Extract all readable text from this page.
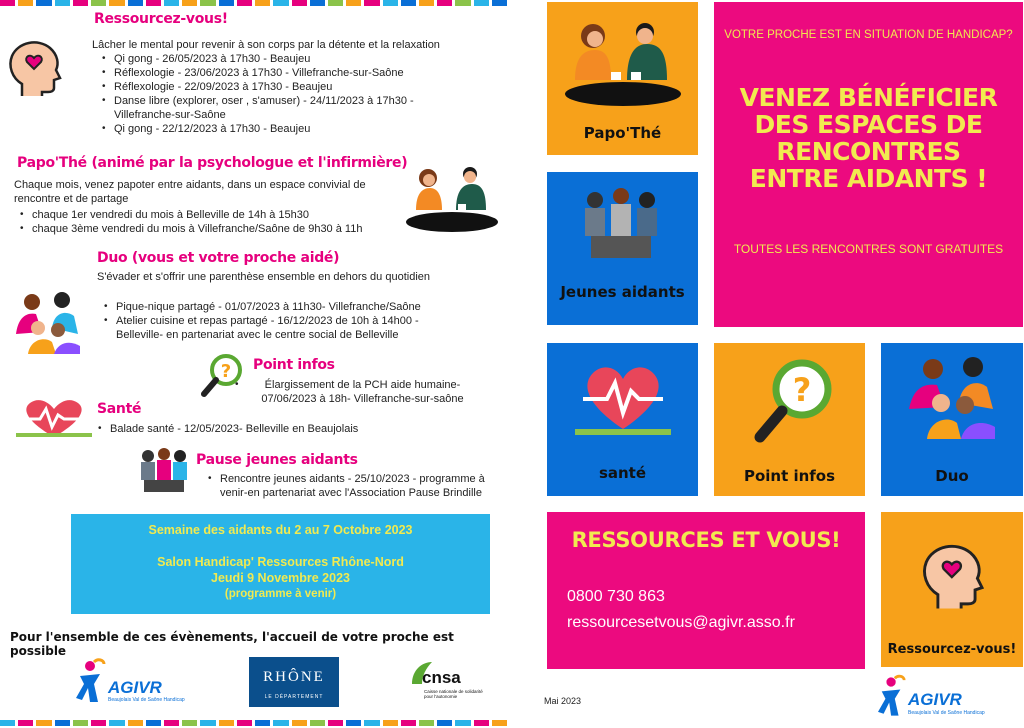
Ressourcez-vous!
Lâcher le mental pour revenir à son corps par la détente et la relaxation
• Qi gong - 26/05/2023 à 17h30 - Beaujeu
• Réflexologie - 23/06/2023 à 17h30 - Villefranche-sur-Saône
• Réflexologie - 22/09/2023 à 17h30 - Beaujeu
• Danse libre (explorer, oser , s'amuser) - 24/11/2023 à 17h30 - Villefranche-sur-Saône
• Qi gong - 22/12/2023 à 17h30 - Beaujeu
Papo'Thé (animé par la psychologue et l'infirmière)
Chaque mois, venez papoter entre aidants, dans un espace convivial de rencontre et de partage
• chaque 1er vendredi du mois à Belleville de 14h à 15h30
• chaque 3ème vendredi du mois à Villefranche/Saône de 9h30 à 11h
Duo (vous et votre proche aidé)
S'évader et s'offrir une parenthèse ensemble en dehors du quotidien
• Pique-nique partagé - 01/07/2023 à 11h30- Villefranche/Saône
• Atelier cuisine et repas partagé - 16/12/2023 de 10h à 14h00 - Belleville- en partenariat avec le centre social de Belleville
? Point infos
• Élargissement de la PCH aide humaine- 07/06/2023 à 18h- Villefranche-sur-saône
Santé
• Balade santé - 12/05/2023- Belleville en Beaujolais
Pause jeunes aidants
• Rencontre jeunes aidants - 25/10/2023 - programme à venir-en partenariat avec l'Association Pause Brindille
Semaine des aidants du 2 au 7 Octobre 2023
Salon Handicap' Ressources Rhône-Nord
Jeudi 9 Novembre 2023
(programme à venir)
Pour l'ensemble de ces évènements, l'accueil de votre proche est possible
AGIVR
Beaujolais Val de Saône Handicap
RHÔNE
LE DÉPARTEMENT
cnsa
Caisse nationale de solidarité pour l'autonomie
Papo'Thé
Jeunes aidants
VOTRE PROCHE EST EN SITUATION DE HANDICAP?
VENEZ BÉNÉFICIER DES ESPACES DE RENCONTRES ENTRE AIDANTS !
TOUTES LES RENCONTRES SONT GRATUITES
santé
?
Point infos	Duo
RESSOURCES ET VOUS!
0800 730 863
ressourcesetvous@agivr.asso.fr
Ressourcez-vous!
Mai 2023	AGIVR
Beaujolais Val de Saône Handicap
